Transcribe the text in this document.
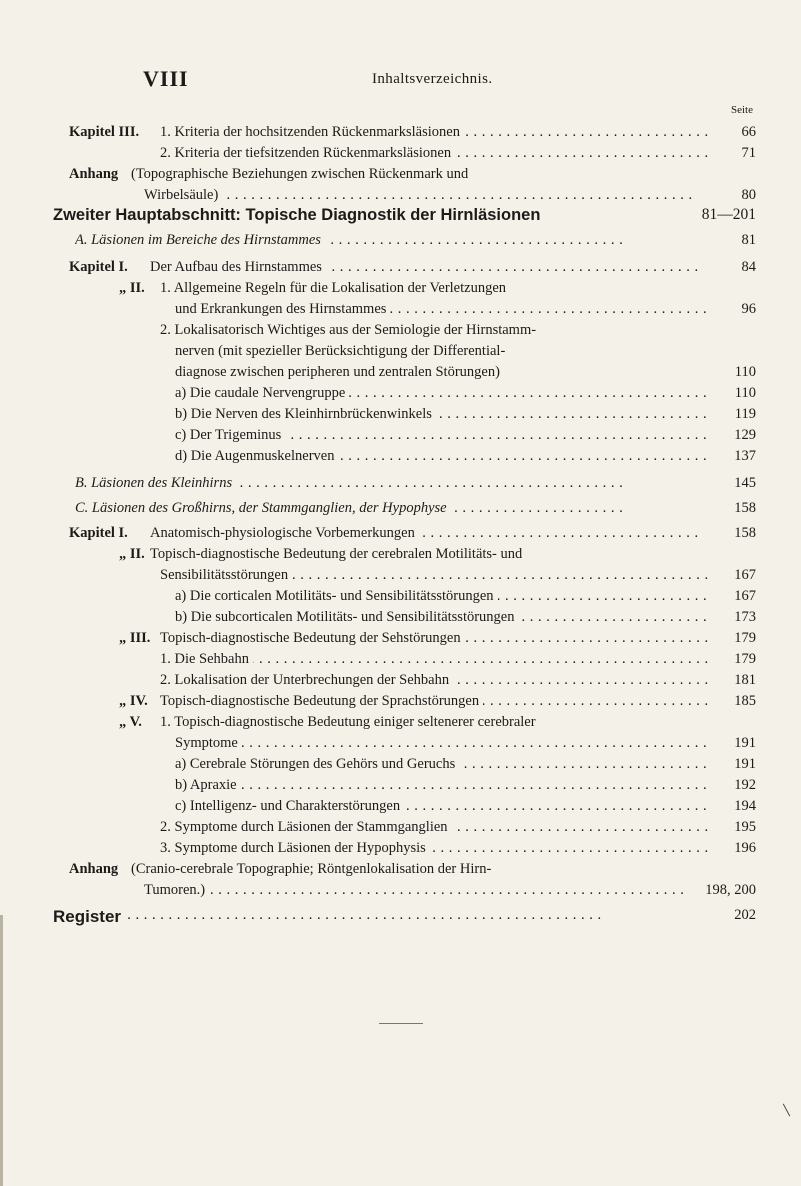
VIII	Inhaltsverzeichnis.
Seite
Kapitel III. 1. Kriteria der hochsitzenden Rückenmarksläsionen . . .	66
2. Kriteria der tiefsitzenden Rückenmarksläsionen . . .	71
Anhang (Topographische Beziehungen zwischen Rückenmark und
Wirbelsäule) . . .	80
Zweiter Hauptabschnitt: Topische Diagnostik der Hirnläsionen	81—201
A. Läsionen im Bereiche des Hirnstammes . . .	81
Kapitel I. Der Aufbau des Hirnstammes . . .	84
„ II. 1. Allgemeine Regeln für die Lokalisation der Verletzungen
und Erkrankungen des Hirnstammes . . .	96
2. Lokalisatorisch Wichtiges aus der Semiologie der Hirnstamm-
nerven (mit spezieller Berücksichtigung der Differential-
diagnose zwischen peripheren und zentralen Störungen)	110
a) Die caudale Nervengruppe . . .	110
b) Die Nerven des Kleinhirnbrückenwinkels . . .	119
c) Der Trigeminus . . .	129
d) Die Augenmuskelnerven . . .	137
B. Läsionen des Kleinhirns . . .	145
C. Läsionen des Großhirns, der Stammganglien, der Hypophyse . . .	158
Kapitel I. Anatomisch-physiologische Vorbemerkungen . . .	158
„ II. Topisch-diagnostische Bedeutung der cerebralen Motilitäts- und
Sensibilitätsstörungen . . .	167
a) Die corticalen Motilitäts- und Sensibilitätsstörungen . . .	167
b) Die subcorticalen Motilitäts- und Sensibilitätsstörungen . . .	173
„ III. Topisch-diagnostische Bedeutung der Sehstörungen . . .	179
1. Die Sehbahn . . .	179
2. Lokalisation der Unterbrechungen der Sehbahn . . .	181
„ IV. Topisch-diagnostische Bedeutung der Sprachstörungen . . .	185
„ V. 1. Topisch-diagnostische Bedeutung einiger seltenerer cerebraler
Symptome . . .	191
a) Cerebrale Störungen des Gehörs und Geruchs . . .	191
b) Apraxie . . .	192
c) Intelligenz- und Charakterstörungen . . .	194
2. Symptome durch Läsionen der Stammganglien . . .	195
3. Symptome durch Läsionen der Hypophysis . . .	196
Anhang (Cranio-cerebrale Topographie; Röntgenlokalisation der Hirn-
Tumoren.) . . .	198, 200
Register . . .	202
